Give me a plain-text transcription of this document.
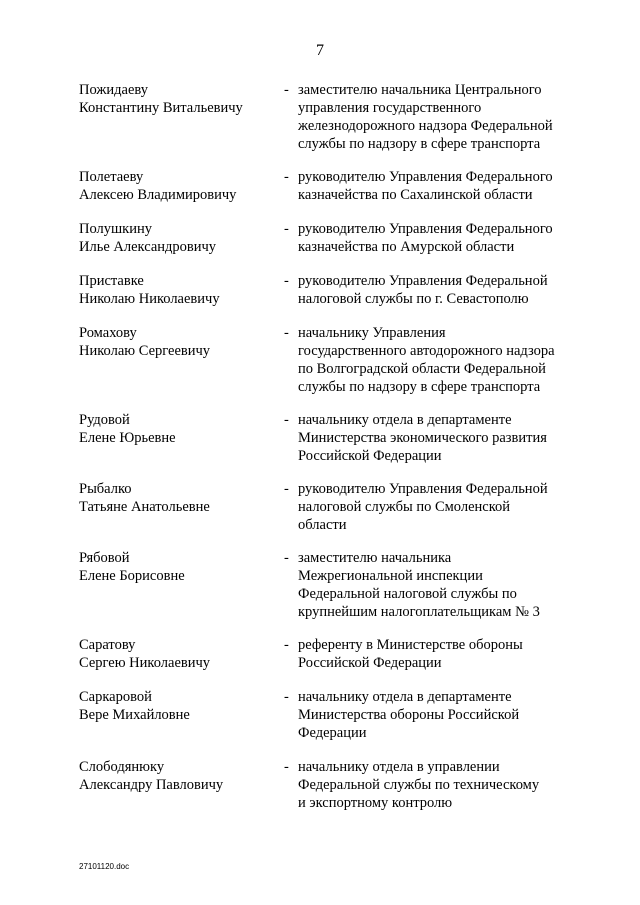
7
Пожидаеву
Константину Витальевичу
- заместителю начальника Центрального
управления государственного
железнодорожного надзора Федеральной
службы по надзору в сфере транспорта
Полетаеву
Алексею Владимировичу
- руководителю Управления Федерального
казначейства по Сахалинской области
Полушкину
Илье Александровичу
- руководителю Управления Федерального
казначейства по Амурской области
Приставке
Николаю Николаевичу
- руководителю Управления Федеральной
налоговой службы по г. Севастополю
Ромахову
Николаю Сергеевичу
- начальнику Управления
государственного автодорожного надзора
по Волгоградской области Федеральной
службы по надзору в сфере транспорта
Рудовой
Елене Юрьевне
- начальнику отдела в департаменте
Министерства экономического развития
Российской Федерации
Рыбалко
Татьяне Анатольевне
- руководителю Управления Федеральной
налоговой службы по Смоленской
области
Рябовой
Елене Борисовне
- заместителю начальника
Межрегиональной инспекции
Федеральной налоговой службы по
крупнейшим налогоплательщикам № 3
Саратову
Сергею Николаевичу
- референту в Министерстве обороны
Российской Федерации
Саркаровой
Вере Михайловне
- начальнику отдела в департаменте
Министерства обороны Российской
Федерации
Слободянюку
Александру Павловичу
- начальнику отдела в управлении
Федеральной службы по техническому
и экспортному контролю
27101120.doc
